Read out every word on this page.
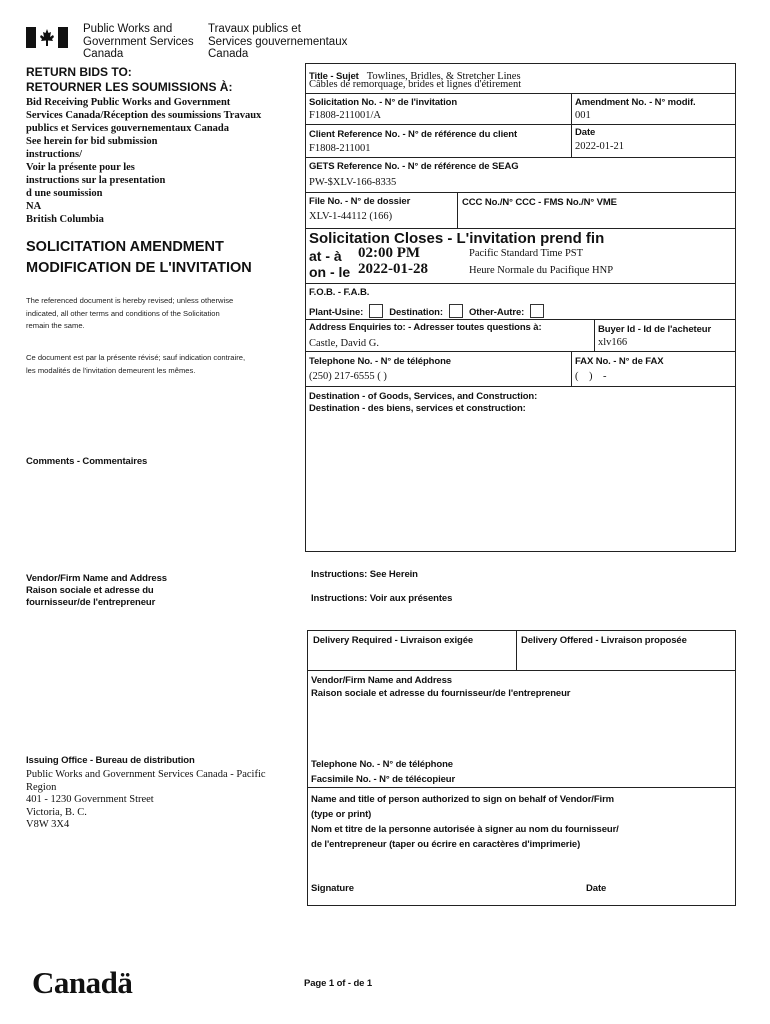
Public Works and
Government Services
Canada
Travaux publics et
Services gouvernementaux
Canada
RETURN BIDS TO:
RETOURNER LES SOUMISSIONS À:
Bid Receiving Public Works and Government
Services Canada/Réception des soumissions Travaux
publics et Services gouvernementaux Canada
See herein for bid submission
instructions/
Voir la présente pour les
instructions sur la presentation
d une soumission
NA
British Columbia
SOLICITATION AMENDMENT
MODIFICATION DE L'INVITATION
The referenced document is hereby revised; unless otherwise
indicated, all other terms and conditions of the Solicitation
remain the same.
Ce document est par la présente révisé; sauf indication contraire,
les modalités de l'invitation demeurent les mêmes.
Comments - Commentaires
Vendor/Firm Name and Address
Raison sociale et adresse du
fournisseur/de l'entrepreneur
Issuing Office - Bureau de distribution
Public Works and Government Services Canada - Pacific
Region
401 - 1230 Government Street
Victoria, B. C.
V8W 3X4
Title - Sujet Towlines, Bridles, & Stretcher Lines
Câbles de remorquage, brides et lignes d'étirement
Solicitation No. - N° de l'invitation
F1808-211001/A
Amendment No. - N° modif.
001
Client Reference No. - N° de référence du client
F1808-211001
Date
2022-01-21
GETS Reference No. - N° de référence de SEAG
PW-$XLV-166-8335
File No. - N° de dossier
XLV-1-44112 (166)
CCC No./N° CCC - FMS No./N° VME
Solicitation Closes - L'invitation prend fin
at - à 02:00 PM	Pacific Standard Time PST
on - le 2022-01-28	Heure Normale du Pacifique HNP
F.O.B. - F.A.B.
Plant-Usine:	Destination:	Other-Autre:
Address Enquiries to: - Adresser toutes questions à:
Castle, David G.
Buyer Id - Id de l'acheteur
xlv166
Telephone No. - N° de téléphone
(250) 217-6555 ( )
FAX No. - N° de FAX
(    )    -
Destination - of Goods, Services, and Construction:
Destination - des biens, services et construction:
Instructions: See Herein
Instructions: Voir aux présentes
Delivery Required - Livraison exigée	Delivery Offered - Livraison proposée
Vendor/Firm Name and Address
Raison sociale et adresse du fournisseur/de l'entrepreneur
Telephone No. - N° de téléphone
Facsimile No. - N° de télécopieur
Name and title of person authorized to sign on behalf of Vendor/Firm
(type or print)
Nom et titre de la personne autorisée à signer au nom du fournisseur/
de l'entrepreneur (taper ou écrire en caractères d'imprimerie)
Signature	Date
Canadä	Page 1 of - de 1
